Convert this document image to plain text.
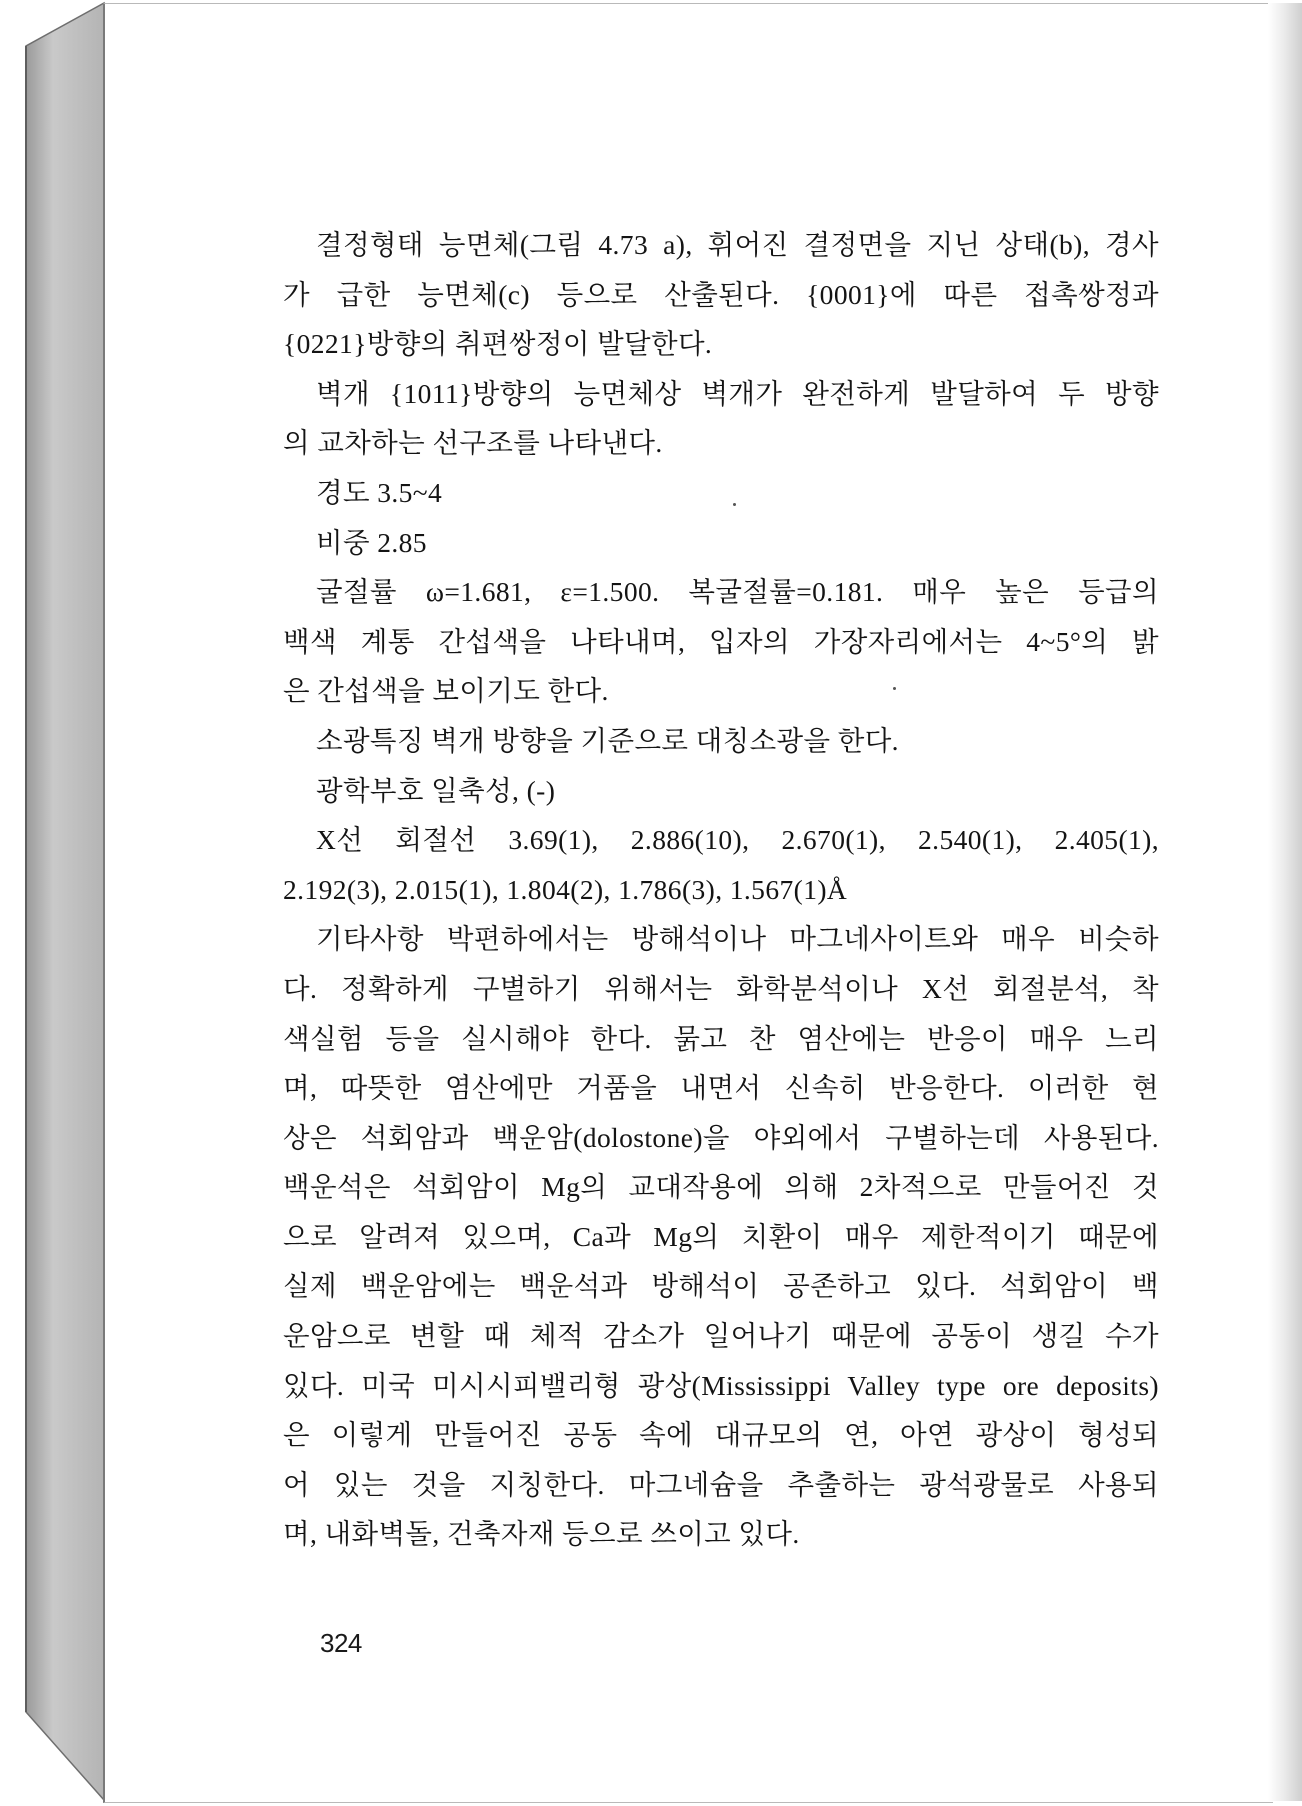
결정형태 능면체(그림 4.73 a), 휘어진 결정면을 지닌 상태(b), 경사
가 급한 능면체(c) 등으로 산출된다. {0001}에 따른 접촉쌍정과
{0221}방향의 취편쌍정이 발달한다.
벽개 {1011}방향의 능면체상 벽개가 완전하게 발달하여 두 방향
의 교차하는 선구조를 나타낸다.
경도 3.5~4
비중 2.85
굴절률 ω=1.681, ε=1.500. 복굴절률=0.181. 매우 높은 등급의
백색 계통 간섭색을 나타내며, 입자의 가장자리에서는 4~5°의 밝
은 간섭색을 보이기도 한다.
소광특징 벽개 방향을 기준으로 대칭소광을 한다.
광학부호 일축성, (-)
X선 회절선 3.69(1), 2.886(10), 2.670(1), 2.540(1), 2.405(1),
2.192(3), 2.015(1), 1.804(2), 1.786(3), 1.567(1)Å
기타사항 박편하에서는 방해석이나 마그네사이트와 매우 비슷하
다. 정확하게 구별하기 위해서는 화학분석이나 X선 회절분석, 착
색실험 등을 실시해야 한다. 묽고 찬 염산에는 반응이 매우 느리
며, 따뜻한 염산에만 거품을 내면서 신속히 반응한다. 이러한 현
상은 석회암과 백운암(dolostone)을 야외에서 구별하는데 사용된다.
백운석은 석회암이 Mg의 교대작용에 의해 2차적으로 만들어진 것
으로 알려져 있으며, Ca과 Mg의 치환이 매우 제한적이기 때문에
실제 백운암에는 백운석과 방해석이 공존하고 있다. 석회암이 백
운암으로 변할 때 체적 감소가 일어나기 때문에 공동이 생길 수가
있다. 미국 미시시피밸리형 광상(Mississippi Valley type ore deposits)
은 이렇게 만들어진 공동 속에 대규모의 연, 아연 광상이 형성되
어 있는 것을 지칭한다. 마그네슘을 추출하는 광석광물로 사용되
며, 내화벽돌, 건축자재 등으로 쓰이고 있다.
324
